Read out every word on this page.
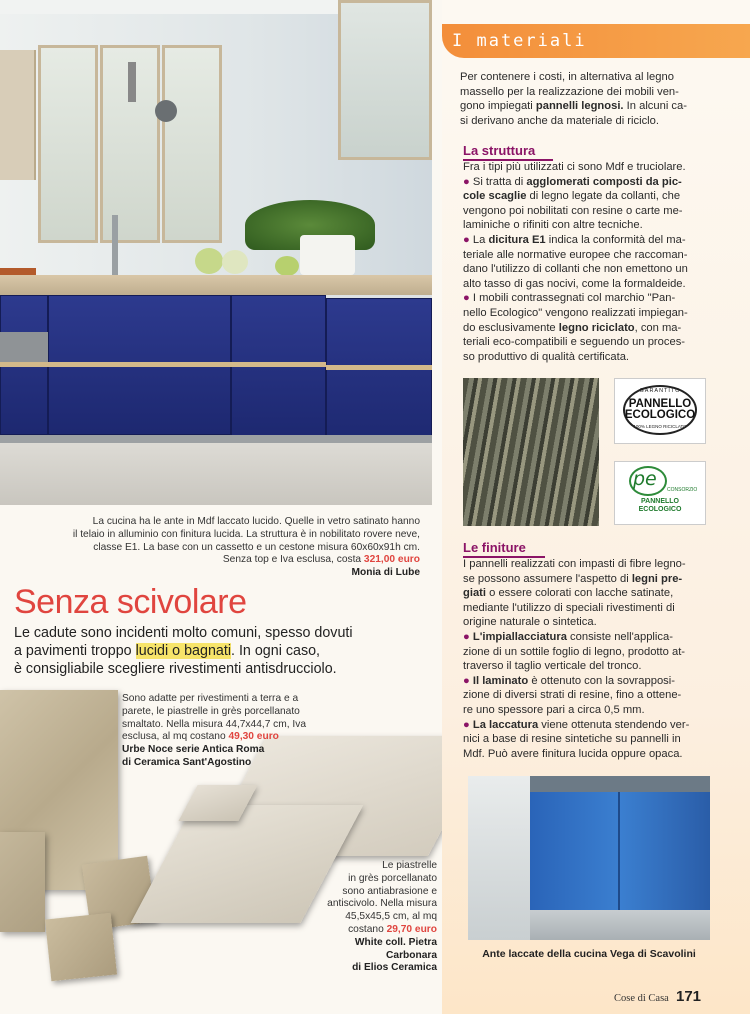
La cucina ha le ante in Mdf laccato lucido. Quelle in vetro satinato hanno
il telaio in alluminio con finitura lucida. La struttura è in nobilitato rovere neve,
classe E1. La base con un cassetto e un cestone misura 60x60x91h cm.
Senza top e Iva esclusa, costa 321,00 euro
Monia di Lube
Senza scivolare
Le cadute sono incidenti molto comuni, spesso dovuti
a pavimenti troppo lucidi o bagnati. In ogni caso,
è consigliabile scegliere rivestimenti antisdrucciolo.
Sono adatte per rivestimenti a terra e a
parete, le piastrelle in grès porcellanato
smaltato. Nella misura 44,7x44,7 cm, Iva
esclusa, al mq costano 49,30 euro
Urbe Noce serie Antica Roma
di Ceramica Sant'Agostino
Le piastrelle
in grès porcellanato
sono antiabrasione e
antiscivolo. Nella misura
45,5x45,5 cm, al mq
costano 29,70 euro
White coll. Pietra
Carbonara
di Elios Ceramica
I materiali
Per contenere i costi, in alternativa al legno
massello per la realizzazione dei mobili ven-
gono impiegati pannelli legnosi. In alcuni ca-
si derivano anche da materiale di riciclo.
La struttura
Fra i tipi più utilizzati ci sono Mdf e truciolare.
● Si tratta di agglomerati composti da pic-
cole scaglie di legno legate da collanti, che
vengono poi nobilitati con resine o carte me-
laminiche o rifiniti con altre tecniche.
● La dicitura E1 indica la conformità del ma-
teriale alle normative europee che raccoman-
dano l'utilizzo di collanti che non emettono un
alto tasso di gas nocivi, come la formaldeide.
● I mobili contrassegnati col marchio "Pan-
nello Ecologico" vengono realizzati impiegan-
do esclusivamente legno riciclato, con ma-
teriali eco-compatibili e seguendo un proces-
so produttivo di qualità certificata.
GARANTITO
PANNELLO
ECOLOGICO
100% LEGNO RICICLATO
pe CONSORZIO
PANNELLO
ECOLOGICO
Le finiture
I pannelli realizzati con impasti di fibre legno-
se possono assumere l'aspetto di legni pre-
giati o essere colorati con lacche satinate,
mediante l'utilizzo di speciali rivestimenti di
origine naturale o sintetica.
● L'impiallacciatura consiste nell'applica-
zione di un sottile foglio di legno, prodotto at-
traverso il taglio verticale del tronco.
● Il laminato è ottenuto con la sovrapposi-
zione di diversi strati di resine, fino a ottene-
re uno spessore pari a circa 0,5 mm.
● La laccatura viene ottenuta stendendo ver-
nici a base di resine sintetiche su pannelli in
Mdf. Può avere finitura lucida oppure opaca.
Ante laccate della cucina Vega di Scavolini
Cose di Casa 171
